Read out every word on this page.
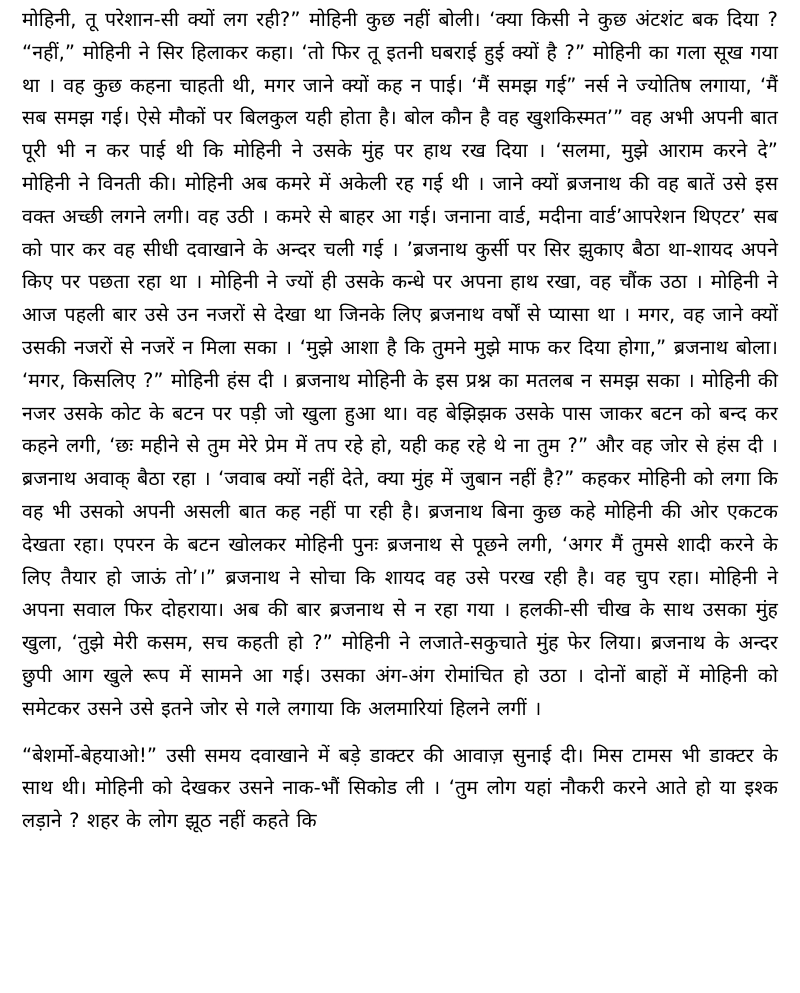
मोहिनी, तू परेशान-सी क्यों लग रही?” मोहिनी कुछ नहीं बोली। ‘क्या किसी ने कुछ अंटशंट बक दिया ? “नहीं,” मोहिनी ने सिर हिलाकर कहा। ‘तो फिर तू इतनी घबराई हुई क्यों है ?” मोहिनी का गला सूख गया था । वह कुछ कहना चाहती थी, मगर जाने क्यों कह न पाई। ‘मैं समझ गई” नर्स ने ज्योतिष लगाया, ‘मैं सब समझ गई। ऐसे मौकों पर बिलकुल यही होता है। बोल कौन है वह खुशकिस्मत’” वह अभी अपनी बात पूरी भी न कर पाई थी कि मोहिनी ने उसके मुंह पर हाथ रख दिया । ‘सलमा, मुझे आराम करने दे” मोहिनी ने विनती की। मोहिनी अब कमरे में अकेली रह गई थी । जाने क्यों ब्रजनाथ की वह बातें उसे इस वक्त अच्छी लगने लगी। वह उठी । कमरे से बाहर आ गई। जनाना वार्ड, मदीना वार्ड’आपरेशन थिएटर’ सब को पार कर वह सीधी दवाखाने के अन्दर चली गई । ’ब्रजनाथ कुर्सी पर सिर झुकाए बैठा था-शायद अपने किए पर पछता रहा था । मोहिनी ने ज्यों ही उसके कन्धे पर अपना हाथ रखा, वह चौंक उठा । मोहिनी ने आज पहली बार उसे उन नजरों से देखा था जिनके लिए ब्रजनाथ वर्षों से प्यासा था । मगर, वह जाने क्यों उसकी नजरों से नजरें न मिला सका । ‘मुझे आशा है कि तुमने मुझे माफ कर दिया होगा,” ब्रजनाथ बोला। ‘मगर, किसलिए ?” मोहिनी हंस दी । ब्रजनाथ मोहिनी के इस प्रश्न का मतलब न समझ सका । मोहिनी की नजर उसके कोट के बटन पर पड़ी जो खुला हुआ था। वह बेझिझक उसके पास जाकर बटन को बन्द कर कहने लगी, ‘छः महीने से तुम मेरे प्रेम में तप रहे हो, यही कह रहे थे ना तुम ?” और वह जोर से हंस दी । ब्रजनाथ अवाक् बैठा रहा । ‘जवाब क्यों नहीं देते, क्या मुंह में जुबान नहीं है?” कहकर मोहिनी को लगा कि वह भी उसको अपनी असली बात कह नहीं पा रही है। ब्रजनाथ बिना कुछ कहे मोहिनी की ओर एकटक देखता रहा। एपरन के बटन खोलकर मोहिनी पुनः ब्रजनाथ से पूछने लगी, ‘अगर मैं तुमसे शादी करने के लिए तैयार हो जाऊं तो’।” ब्रजनाथ ने सोचा कि शायद वह उसे परख रही है। वह चुप रहा। मोहिनी ने अपना सवाल फिर दोहराया। अब की बार ब्रजनाथ से न रहा गया । हलकी-सी चीख के साथ उसका मुंह खुला, ‘तुझे मेरी कसम, सच कहती हो ?” मोहिनी ने लजाते-सकुचाते मुंह फेर लिया। ब्रजनाथ के अन्दर छुपी आग खुले रूप में सामने आ गई। उसका अंग-अंग रोमांचित हो उठा । दोनों बाहों में मोहिनी को समेटकर उसने उसे इतने जोर से गले लगाया कि अलमारियां हिलने लगीं ।

“बेशर्मो-बेहयाओ!” उसी समय दवाखाने में बड़े डाक्टर की आवाज़ सुनाई दी। मिस टामस भी डाक्टर के साथ थी। मोहिनी को देखकर उसने नाक-भौं सिकोड ली । ‘तुम लोग यहां नौकरी करने आते हो या इश्क लड़ाने ? शहर के लोग झूठ नहीं कहते कि
